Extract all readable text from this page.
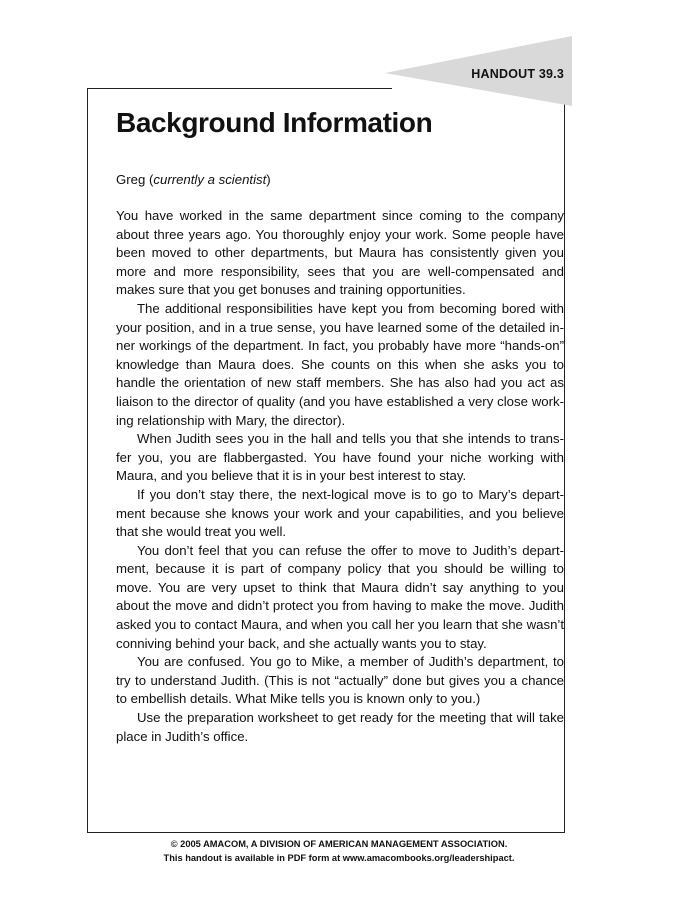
HANDOUT 39.3
Background Information

Greg (currently a scientist)

You have worked in the same department since coming to the company about three years ago. You thoroughly enjoy your work. Some people have been moved to other departments, but Maura has consistently given you more and more responsibility, sees that you are well-compensated and makes sure that you get bonuses and training opportunities.

The additional responsibilities have kept you from becoming bored with your position, and in a true sense, you have learned some of the detailed in-ner workings of the department. In fact, you probably have more “hands-on” knowledge than Maura does. She counts on this when she asks you to handle the orientation of new staff members. She has also had you act as liaison to the director of quality (and you have established a very close work-ing relationship with Mary, the director).

When Judith sees you in the hall and tells you that she intends to trans-fer you, you are flabbergasted. You have found your niche working with Maura, and you believe that it is in your best interest to stay.

If you don’t stay there, the next-logical move is to go to Mary’s depart-ment because she knows your work and your capabilities, and you believe that she would treat you well.

You don’t feel that you can refuse the offer to move to Judith’s depart-ment, because it is part of company policy that you should be willing to move. You are very upset to think that Maura didn’t say anything to you about the move and didn’t protect you from having to make the move. Judith asked you to contact Maura, and when you call her you learn that she wasn’t conniving behind your back, and she actually wants you to stay.

You are confused. You go to Mike, a member of Judith’s department, to try to understand Judith. (This is not “actually” done but gives you a chance to embellish details. What Mike tells you is known only to you.)

Use the preparation worksheet to get ready for the meeting that will take place in Judith’s office.

© 2005 AMACOM, A DIVISION OF AMERICAN MANAGEMENT ASSOCIATION.
This handout is available in PDF form at www.amacombooks.org/leadershipact.
